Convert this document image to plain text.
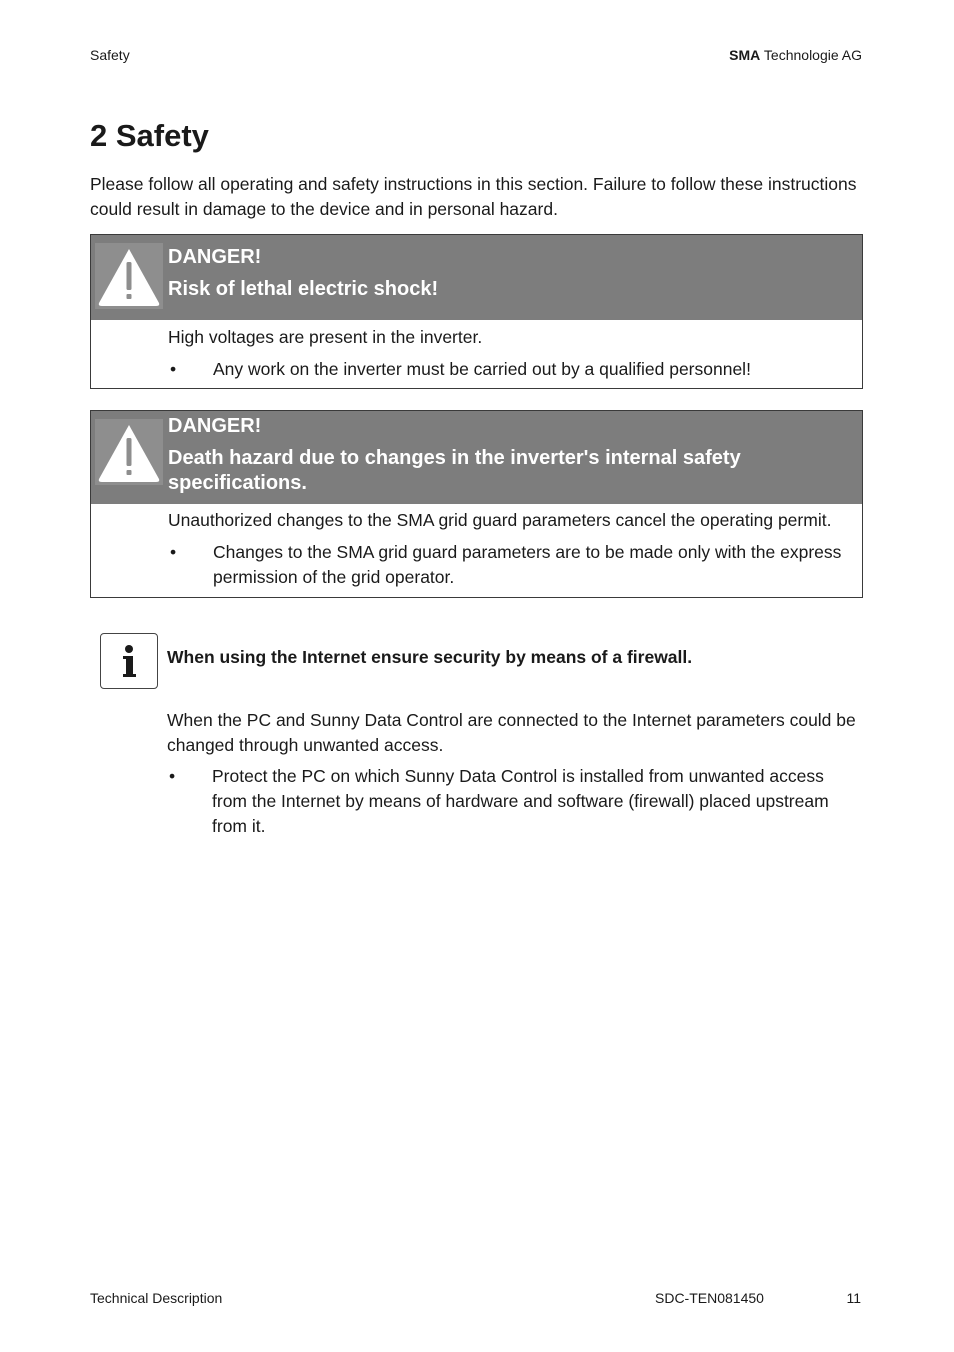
Safety	SMA Technologie AG
2 Safety

Please follow all operating and safety instructions in this section. Failure to follow these instructions could result in damage to the device and in personal hazard.

DANGER!
Risk of lethal electric shock!
High voltages are present in the inverter.
• Any work on the inverter must be carried out by a qualified personnel!
DANGER!
Death hazard due to changes in the inverter's internal safety specifications.
Unauthorized changes to the SMA grid guard parameters cancel the operating permit.
• Changes to the SMA grid guard parameters are to be made only with the express permission of the grid operator.
When using the Internet ensure security by means of a firewall.
When the PC and Sunny Data Control are connected to the Internet parameters could be changed through unwanted access.
• Protect the PC on which Sunny Data Control is installed from unwanted access from the Internet by means of hardware and software (firewall) placed upstream from it.
Technical Description	SDC-TEN081450	11
